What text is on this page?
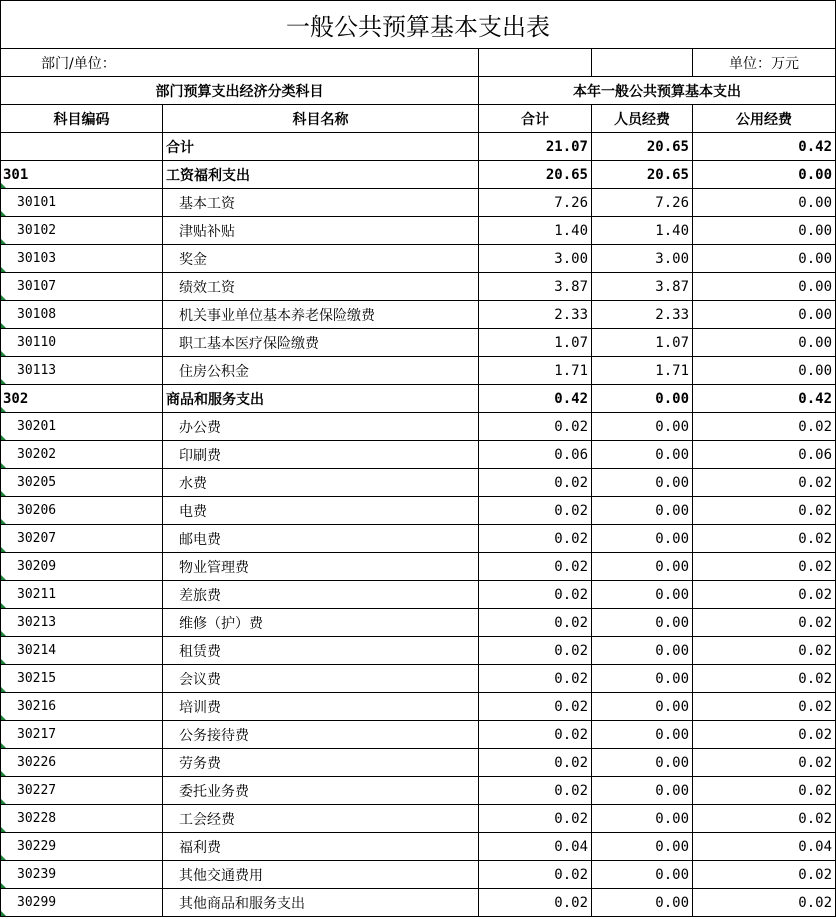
一般公共预算基本支出表				
部门/单位：				单位：万元
部门预算支出经济分类科目		本年一般公共预算基本支出		
科目编码	科目名称	合计	人员经费	公用经费
	合计	21.07	20.65	0.42

301	工资福利支出	20.65	20.65	0.00

30101	基本工资	7.26	7.26	0.00

30102	津贴补贴	1.40	1.40	0.00

30103	奖金	3.00	3.00	0.00

30107	绩效工资	3.87	3.87	0.00

30108	机关事业单位基本养老保险缴费	2.33	2.33	0.00

30110	职工基本医疗保险缴费	1.07	1.07	0.00

30113	住房公积金	1.71	1.71	0.00

302	商品和服务支出	0.42	0.00	0.42

30201	办公费	0.02	0.00	0.02

30202	印刷费	0.06	0.00	0.06

30205	水费	0.02	0.00	0.02

30206	电费	0.02	0.00	0.02

30207	邮电费	0.02	0.00	0.02

30209	物业管理费	0.02	0.00	0.02

30211	差旅费	0.02	0.00	0.02

30213	维修（护）费	0.02	0.00	0.02

30214	租赁费	0.02	0.00	0.02

30215	会议费	0.02	0.00	0.02

30216	培训费	0.02	0.00	0.02

30217	公务接待费	0.02	0.00	0.02

30226	劳务费	0.02	0.00	0.02

30227	委托业务费	0.02	0.00	0.02

30228	工会经费	0.02	0.00	0.02

30229	福利费	0.04	0.00	0.04

30239	其他交通费用	0.02	0.00	0.02

30299	其他商品和服务支出	0.02	0.00	0.02
